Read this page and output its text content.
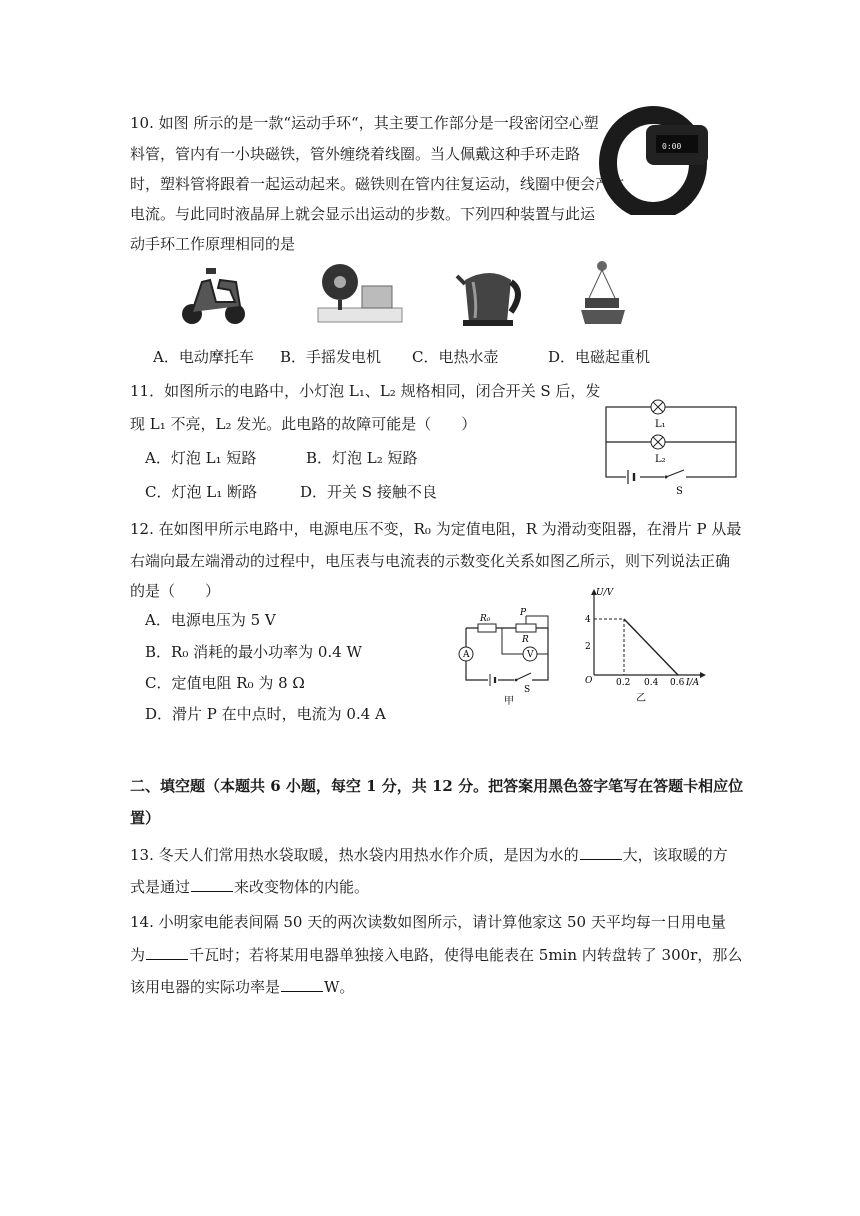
10. 如图 所示的是一款“运动手环“，其主要工作部分是一段密闭空心塑
料管，管内有一小块磁铁，管外缠绕着线圈。当人佩戴这种手环走路
时，塑料管将跟着一起运动起来。磁铁则在管内往复运动，线圈中便会产生
电流。与此同时液晶屏上就会显示出运动的步数。下列四种装置与此运
动手环工作原理相同的是
0:00
A．电动摩托车 B．手摇发电机 C．电热水壶	D．电磁起重机
11．如图所示的电路中，小灯泡 L₁、L₂ 规格相同，闭合开关 S 后，发
现 L₁ 不亮，L₂ 发光。此电路的故障可能是（　　）
A．灯泡 L₁ 短路	B．灯泡 L₂ 短路
C．灯泡 L₁ 断路	D．开关 S 接触不良
L₁
L₂
S
12. 在如图甲所示电路中，电源电压不变，R₀ 为定值电阻，R 为滑动变阻器，在滑片 P 从最
右端向最左端滑动的过程中，电压表与电流表的示数变化关系如图乙所示，则下列说法正确
的是（　　）
A．电源电压为 5 V
B．R₀ 消耗的最小功率为 0.4 W
C．定值电阻 R₀ 为 8 Ω
D．滑片 P 在中点时，电流为 0.4 A
A	V
R₀
P
R
S
甲
U/V
4
2
O	0.2 0.4 0.6 I/A
乙
二、填空题（本题共 6 小题，每空 1 分，共 12 分。把答案用黑色签字笔写在答题卡相应位
置）
13. 冬天人们常用热水袋取暖，热水袋内用热水作介质，是因为水的	大，该取暖的方
式是通过	来改变物体的内能。
14. 小明家电能表间隔 50 天的两次读数如图所示，请计算他家这 50 天平均每一日用电量
为	千瓦时；若将某用电器单独接入电路，使得电能表在 5min 内转盘转了 300r，那么
该用电器的实际功率是	W。
